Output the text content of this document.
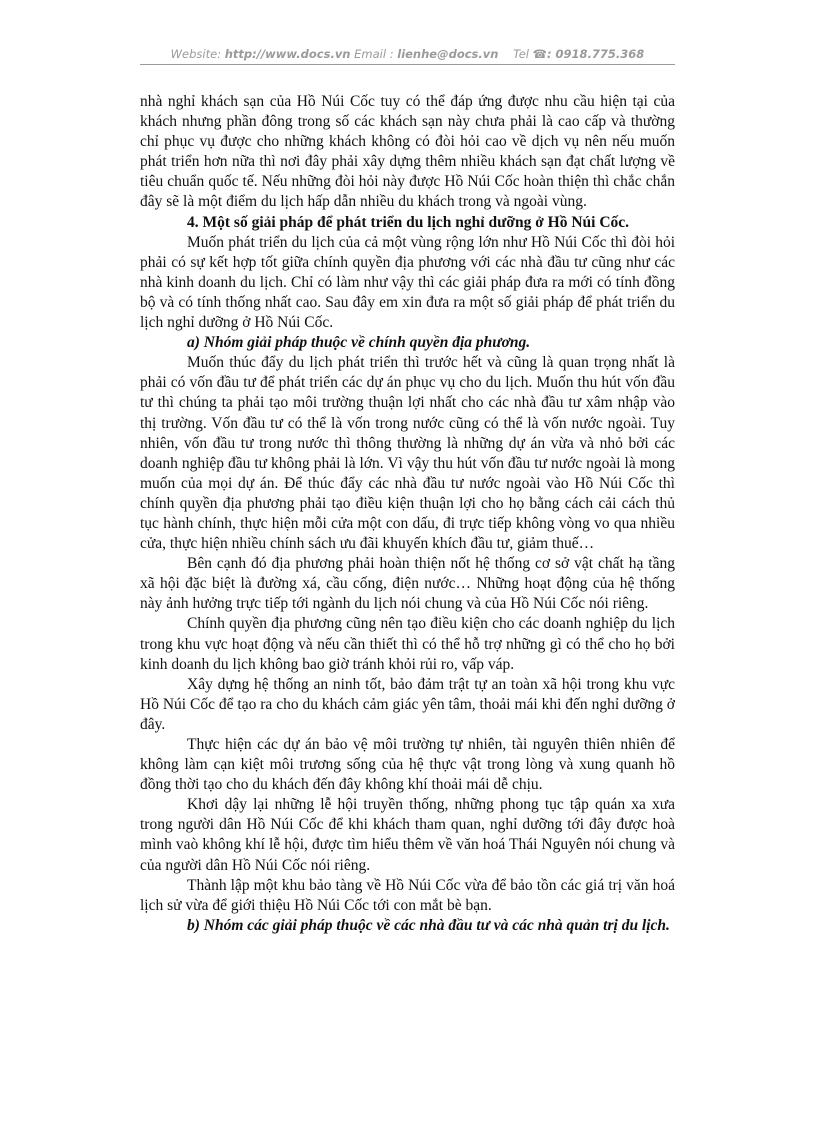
Website: http://www.docs.vn Email : lienhe@docs.vn Tel ☎: 0918.775.368

nhà nghỉ khách sạn của Hồ Núi Cốc tuy có thể đáp ứng được nhu cầu hiện tại của khách nhưng phần đông trong số các khách sạn này chưa phải là cao cấp và thường chỉ phục vụ được cho những khách không có đòi hỏi cao về dịch vụ nên nếu muốn phát triển hơn nữa thì nơi đây phải xây dựng thêm nhiều khách sạn đạt chất lượng về tiêu chuẩn quốc tế. Nếu những đòi hỏi này được Hồ Núi Cốc hoàn thiện thì chắc chắn đây sẽ là một điểm du lịch hấp dẫn nhiều du khách trong và ngoài vùng.

4. Một số giải pháp để phát triển du lịch nghỉ dưỡng ở Hồ Núi Cốc.

Muốn phát triển du lịch của cả một vùng rộng lớn như Hồ Núi Cốc thì đòi hỏi phải có sự kết hợp tốt giữa chính quyền địa phương với các nhà đầu tư cũng như các nhà kinh doanh du lịch. Chỉ có làm như vậy thì các giải pháp đưa ra mới có tính đồng bộ và có tính thống nhất cao. Sau đây em xin đưa ra một số giải pháp để phát triển du lịch nghỉ dưỡng ở Hồ Núi Cốc.

a) Nhóm giải pháp thuộc về chính quyền địa phương.

Muốn thúc đẩy du lịch phát triển thì trước hết và cũng là quan trọng nhất là phải có vốn đầu tư để phát triển các dự án phục vụ cho du lịch. Muốn thu hút vốn đầu tư thì chúng ta phải tạo môi trường thuận lợi nhất cho các nhà đầu tư xâm nhập vào thị trường. Vốn đầu tư có thể là vốn trong nước cũng có thể là vốn nước ngoài. Tuy nhiên, vốn đầu tư trong nước thì thông thường là những dự án vừa và nhỏ bởi các doanh nghiệp đầu tư không phải là lớn. Vì vậy thu hút vốn đầu tư nước ngoài là mong muốn của mọi dự án. Để thúc đẩy các nhà đầu tư nước ngoài vào Hồ Núi Cốc thì chính quyền địa phương phải tạo điều kiện thuận lợi cho họ bằng cách cải cách thủ tục hành chính, thực hiện mỗi cửa một con dấu, đi trực tiếp không vòng vo qua nhiều cửa, thực hiện nhiều chính sách ưu đãi khuyến khích đầu tư, giảm thuế…

Bên cạnh đó địa phương phải hoàn thiện nốt hệ thống cơ sở vật chất hạ tầng xã hội đặc biệt là đường xá, cầu cống, điện nước… Những hoạt động của hệ thống này ảnh hưởng trực tiếp tới ngành du lịch nói chung và của Hồ Núi Cốc nói riêng.

Chính quyền địa phương cũng nên tạo điều kiện cho các doanh nghiệp du lịch trong khu vực hoạt động và nếu cần thiết thì có thể hỗ trợ những gì có thể cho họ bởi kinh doanh du lịch không bao giờ tránh khỏi rủi ro, vấp váp.

Xây dựng hệ thống an ninh tốt, bảo đảm trật tự an toàn xã hội trong khu vực Hồ Núi Cốc để tạo ra cho du khách cảm giác yên tâm, thoải mái khi đến nghỉ dưỡng ở đây.

Thực hiện các dự án bảo vệ môi trường tự nhiên, tài nguyên thiên nhiên để không làm cạn kiệt môi trương sống của hệ thực vật trong lòng và xung quanh hồ đồng thời tạo cho du khách đến đây không khí thoải mái dễ chịu.

Khơi dậy lại những lễ hội truyền thống, những phong tục tập quán xa xưa trong người dân Hồ Núi Cốc để khi khách tham quan, nghỉ dưỡng tới đây được hoà mình vaò không khí lễ hội, được tìm hiểu thêm về văn hoá Thái Nguyên nói chung và của người dân Hồ Núi Cốc nói riêng.

Thành lập một khu bảo tàng về Hồ Núi Cốc vừa để bảo tồn các giá trị văn hoá lịch sử vừa để giới thiệu Hồ Núi Cốc tới con mắt bè bạn.

b) Nhóm các giải pháp thuộc về các nhà đầu tư và các nhà quản trị du lịch.
